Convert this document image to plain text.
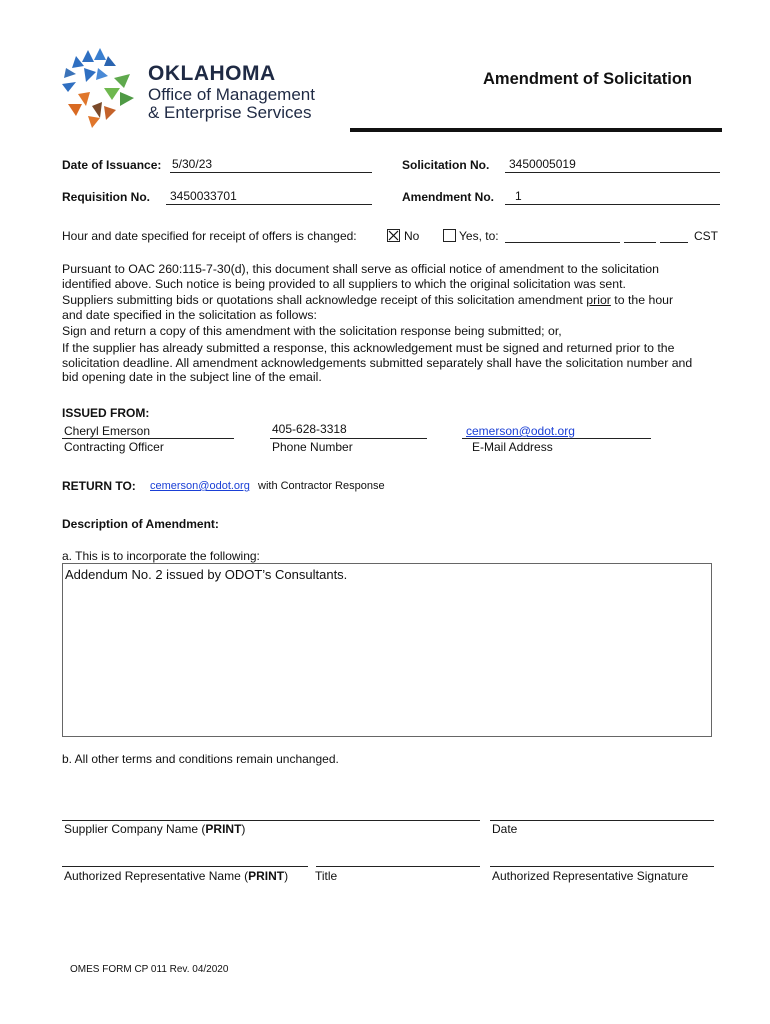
OKLAHOMA
Office of Management
& Enterprise Services
Amendment of Solicitation
Date of Issuance: 5/30/23	Solicitation No.	3450005019
Requisition No.	3450033701	Amendment No.	1
Hour and date specified for receipt of offers is changed:	No	Yes, to:	CST
Pursuant to OAC 260:115-7-30(d), this document shall serve as official notice of amendment to the solicitation
identified above. Such notice is being provided to all suppliers to which the original solicitation was sent.
Suppliers submitting bids or quotations shall acknowledge receipt of this solicitation amendment prior to the hour
and date specified in the solicitation as follows:
Sign and return a copy of this amendment with the solicitation response being submitted; or,
If the supplier has already submitted a response, this acknowledgement must be signed and returned prior to the
solicitation deadline. All amendment acknowledgements submitted separately shall have the solicitation number and
bid opening date in the subject line of the email.
ISSUED FROM:
Cheryl Emerson
Contracting Officer
405-628-3318
Phone Number
cemerson@odot.org
E-Mail Address
RETURN TO: cemerson@odot.org with Contractor Response
Description of Amendment:
a. This is to incorporate the following:
Addendum No. 2 issued by ODOT’s Consultants.
b. All other terms and conditions remain unchanged.
Supplier Company Name (PRINT)	Date
Authorized Representative Name (PRINT) Title	Authorized Representative Signature
OMES FORM CP 011 Rev. 04/2020
